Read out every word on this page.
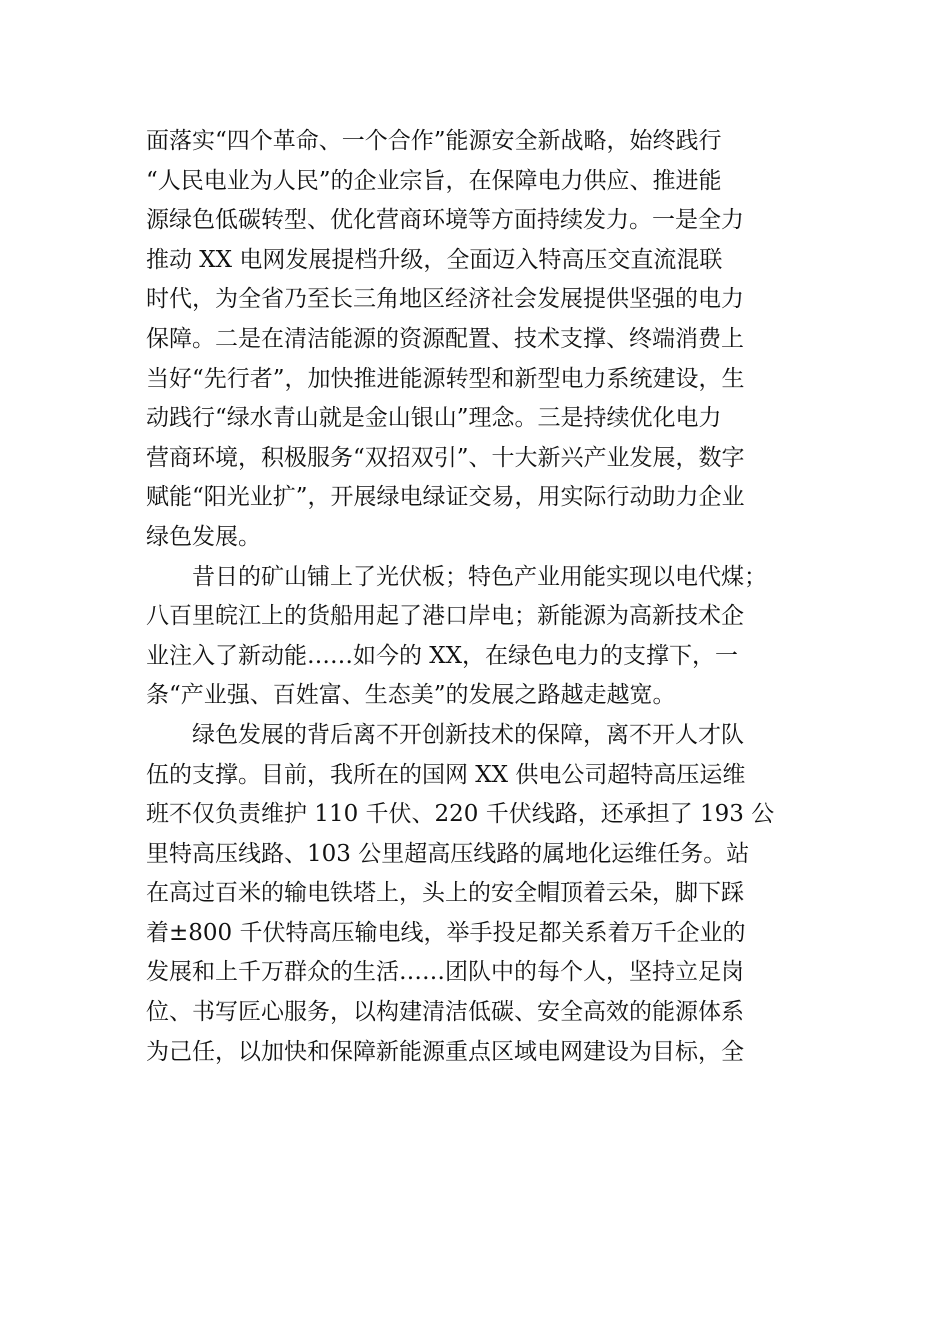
面落实“四个革命、一个合作”能源安全新战略，始终践行
“人民电业为人民”的企业宗旨，在保障电力供应、推进能
源绿色低碳转型、优化营商环境等方面持续发力。一是全力
推动 XX 电网发展提档升级，全面迈入特高压交直流混联
时代，为全省乃至长三角地区经济社会发展提供坚强的电力
保障。二是在清洁能源的资源配置、技术支撑、终端消费上
当好“先行者”，加快推进能源转型和新型电力系统建设，生
动践行“绿水青山就是金山银山”理念。三是持续优化电力
营商环境，积极服务“双招双引”、十大新兴产业发展，数字
赋能“阳光业扩”，开展绿电绿证交易，用实际行动助力企业
绿色发展。
昔日的矿山铺上了光伏板；特色产业用能实现以电代煤；
八百里皖江上的货船用起了港口岸电；新能源为高新技术企
业注入了新动能……如今的 XX，在绿色电力的支撑下，一
条“产业强、百姓富、生态美”的发展之路越走越宽。
绿色发展的背后离不开创新技术的保障，离不开人才队
伍的支撑。目前，我所在的国网 XX 供电公司超特高压运维
班不仅负责维护 110 千伏、220 千伏线路，还承担了 193 公
里特高压线路、103 公里超高压线路的属地化运维任务。站
在高过百米的输电铁塔上，头上的安全帽顶着云朵，脚下踩
着±800 千伏特高压输电线，举手投足都关系着万千企业的
发展和上千万群众的生活……团队中的每个人，坚持立足岗
位、书写匠心服务，以构建清洁低碳、安全高效的能源体系
为己任，以加快和保障新能源重点区域电网建设为目标，全
